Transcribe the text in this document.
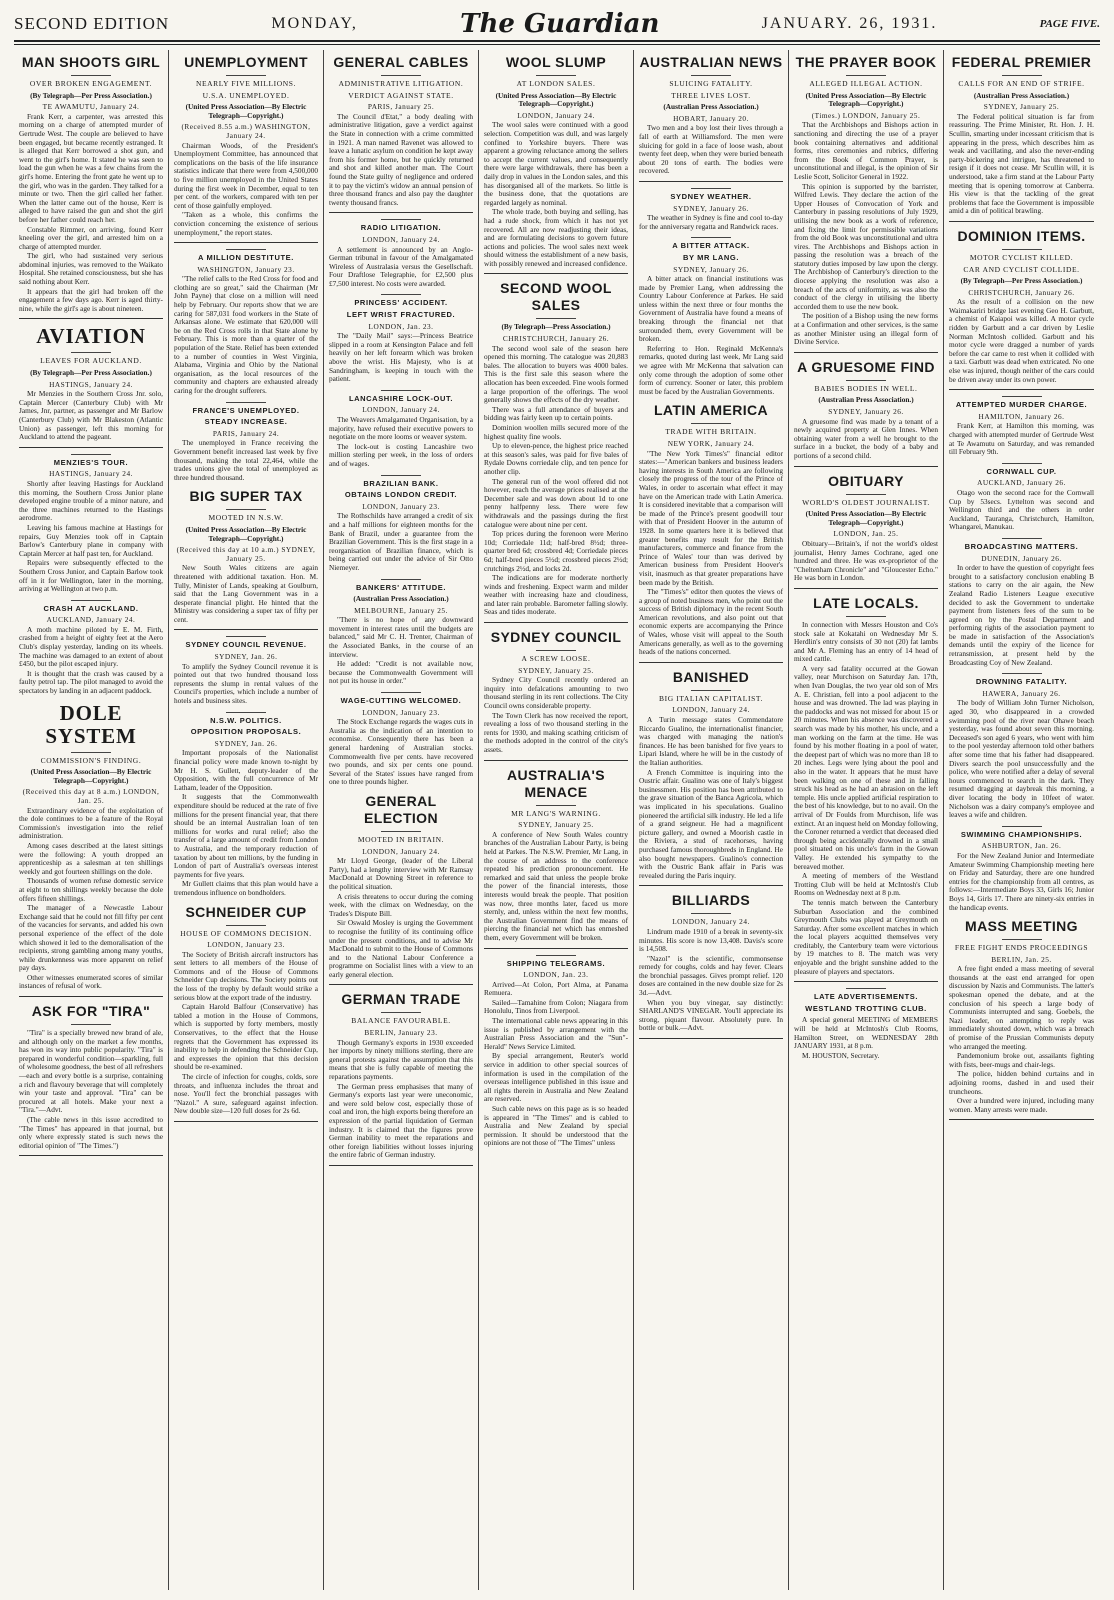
SECOND EDITION	MONDAY,	The Guardian	JANUARY. 26, 1931.	PAGE FIVE.
MAN SHOOTS GIRL
OVER BROKEN ENGAGEMENT.
(By Telegraph—Per Press Association.)
TE AWAMUTU, January 24.

Frank Kerr, a carpenter, was arrested this morning on a charge of attempted murder of Gertrude West. The couple are believed to have been engaged, but became recently estranged. It is alleged that Kerr borrowed a shot gun, and went to the girl's home. It stated he was seen to load the gun when he was a few chains from the girl's home. Entering the front gate he went up to the girl, who was in the garden. They talked for a minute or two. Then the girl called her father. When the latter came out of the house, Kerr is alleged to have raised the gun and shot the girl before her father could reach her.

Constable Rimmer, on arriving, found Kerr kneeling over the girl, and arrested him on a charge of attempted murder.

The girl, who had sustained very serious abdominal injuries, was removed to the Waikato Hospital. She retained consciousness, but she has said nothing about Kerr.

It appears that the girl had broken off the engagement a few days ago. Kerr is aged thirty-nine, while the girl's age is about nineteen.

AVIATION
LEAVES FOR AUCKLAND.
(By Telegraph—Per Press Association.)
HASTINGS, January 24.

Mr Menzies in the Southern Cross Jnr. solo, Captain Mercer (Canterbury Club) with Mr James, Jnr, partner, as passenger and Mr Barlow (Canterbury Club) with Mr Blakeston (Atlantic Union) as passenger, left this morning for Auckland to attend the pageant.

MENZIES'S TOUR.
HASTINGS, January 24.

Shortly after leaving Hastings for Auckland this morning, the Southern Cross Junior plane developed engine trouble of a minor nature, and the three machines returned to the Hastings aerodrome.

Leaving his famous machine at Hastings for repairs, Guy Menzies took off in Captain Barlow's Canterbury plane in company with Captain Mercer at half past ten, for Auckland.

Repairs were subsequently effected to the Southern Cross Junior, and Captain Barlow took off in it for Wellington, later in the morning, arriving at Wellington at two p.m.

CRASH AT AUCKLAND.
AUCKLAND, January 24.

A moth machine piloted by E. M. Firth, crashed from a height of eighty feet at the Aero Club's display yesterday, landing on its wheels. The machine was damaged to an extent of about £450, but the pilot escaped injury.

It is thought that the crash was caused by a faulty petrol tap. The pilot managed to avoid the spectators by landing in an adjacent paddock.

DOLE SYSTEM
COMMISSION'S FINDING.
(United Press Association—By Electric Telegraph—Copyright.)
(Received this day at 8 a.m.) LONDON, Jan. 25.

Extraordinary evidence of the exploitation of the dole continues to be a feature of the Royal Commission's investigation into the relief administration.

Among cases described at the latest sittings were the following: A youth dropped an apprenticeship as a salesman at ten shillings weekly and got fourteen shillings on the dole.

Thousands of women refuse domestic service at eight to ten shillings weekly because the dole offers fifteen shillings.

The manager of a Newcastle Labour Exchange said that he could not fill fifty per cent of the vacancies for servants, and added his own personal experience of the effect of the dole which showed it led to the demoralisation of the recipients, strong gambling among many youths, while drunkenness was more apparent on relief pay days.

Other witnesses enumerated scores of similar instances of refusal of work.

ASK FOR "TIRA"

"Tira" is a specially brewed new brand of ale, and although only on the market a few months, has won its way into public popularity. "Tira" is prepared in wonderful condition—sparkling, full of wholesome goodness, the best of all refreshers—each and every bottle is a surprise, containing a rich and flavoury beverage that will completely win your taste and approval. "Tira" can be procured at all hotels. Make your next a "Tira."—Advt.

(The cable news in this issue accredited to "The Times" has appeared in that journal, but only where expressly stated is such news the editorial opinion of "The Times.")

UNEMPLOYMENT
NEARLY FIVE MILLIONS.
U.S.A. UNEMPLOYED.
(United Press Association—By Electric Telegraph—Copyright.)
(Received 8.55 a.m.) WASHINGTON, January 24.

Chairman Woods, of the President's Unemployment Committee, has announced that complications on the basis of the life insurance statistics indicate that there were from 4,500,000 to five million unemployed in the United States during the first week in December, equal to ten per cent. of the workers, compared with ten per cent of those gainfully employed.

"Taken as a whole, this confirms the conviction concerning the existence of serious unemployment," the report states.

A MILLION DESTITUTE.
WASHINGTON, January 23.

"The relief calls to the Red Cross for food and clothing are so great," said the Chairman (Mr John Payne) that close on a million will need help by February. Our reports show that we are caring for 587,031 food workers in the State of Arkansas alone. We estimate that 620,000 will be on the Red Cross rolls in that State alone by February. This is more than a quarter of the population of the State. Relief has been extended to a number of counties in West Virginia, Alabama, Virginia and Ohio by the National organisation, as the local resources of the community and chapters are exhausted already caring for the drought sufferers.

FRANCE'S UNEMPLOYED.
STEADY INCREASE.
PARIS, January 24.

The unemployed in France receiving the Government benefit increased last week by five thousand, making the total 22,464, while the trades unions give the total of unemployed as three hundred thousand.

BIG SUPER TAX
MOOTED IN N.S.W.
(United Press Association—By Electric Telegraph—Copyright.)
(Received this day at 10 a.m.) SYDNEY, January 25.

New South Wales citizens are again threatened with additional taxation. Hon. M. Tully, Minister of Lands, speaking at Goulburn, said that the Lang Government was in a desperate financial plight. He hinted that the Ministry was considering a super tax of fifty per cent.

SYDNEY COUNCIL REVENUE.
SYDNEY, Jan. 26.

To amplify the Sydney Council revenue it is pointed out that two hundred thousand loss represents the slump in rental values of the Council's properties, which include a number of hotels and business sites.

N.S.W. POLITICS.
OPPOSITION PROPOSALS.
SYDNEY, Jan. 26.

Important proposals of the Nationalist financial policy were made known to-night by Mr H. S. Gullett, deputy-leader of the Opposition, with the full concurrence of Mr Latham, leader of the Opposition.

It suggests that the Commonwealth expenditure should be reduced at the rate of five millions for the present financial year, that there should be an internal Australian loan of ten millions for works and rural relief; also the transfer of a large amount of credit from London to Australia, and the temporary reduction of taxation by about ten millions, by the funding in London of part of Australia's overseas interest payments for five years.

Mr Gullett claims that this plan would have a tremendous influence on bondholders.

SCHNEIDER CUP
HOUSE OF COMMONS DECISION.
LONDON, January 23.

The Society of British aircraft instructors has sent letters to all members of the House of Commons and of the House of Commons Schneider Cup decisions. The Society points out the loss of the trophy by default would strike a serious blow at the export trade of the industry.

Captain Harold Balfour (Conservative) has tabled a motion in the House of Commons, which is supported by forty members, mostly Conservatives, to the effect that the House regrets that the Government has expressed its inability to help in defending the Schneider Cup, and expresses the opinion that this decision should be re-examined.

The circle of infection for coughs, colds, sore throats, and influenza includes the throat and nose. You'll fect the bronchial passages with "Nazol." A sure, safeguard against infection. New double size—120 full doses for 2s 6d.

GENERAL CABLES
ADMINISTRATIVE LITIGATION.
VERDICT AGAINST STATE.
PARIS, January 25.

The Council d'Etat," a body dealing with administrative litigation, gave a verdict against the State in connection with a crime committed in 1921. A man named Ravenet was allowed to leave a lunatic asylum on condition he kept away from his former home, but he quickly returned and shot and killed another man. The Court found the State guilty of negligence and ordered it to pay the victim's widow an annual pension of three thousand francs and also pay the daughter twenty thousand francs.

RADIO LITIGATION.
LONDON, January 24.

A settlement is announced by an Anglo-German tribunal in favour of the Amalgamated Wireless of Australasia versus the Gesellschaft. Four Draftlose Telegraphie, for £2,500 plus £7,500 interest. No costs were awarded.

PRINCESS' ACCIDENT.
LEFT WRIST FRACTURED.
LONDON, Jan. 23.

The "Daily Mail" says:—Princess Beatrice slipped in a room at Kensington Palace and fell heavily on her left forearm which was broken above the wrist. His Majesty, who is at Sandringham, is keeping in touch with the patient.

LANCASHIRE LOCK-OUT.
LONDON, January 24.

The Weavers Amalgamated Organisation, by a majority, have refused their executive powers to negotiate on the more looms or weaver system.

The lock-out is costing Lancashire two million sterling per week, in the loss of orders and of wages.

BRAZILIAN BANK.
OBTAINS LONDON CREDIT.
LONDON, January 23.

The Rothschilds have arranged a credit of six and a half millions for eighteen months for the Bank of Brazil, under a guarantee from the Brazilian Government. This is the first stage in a reorganisation of Brazilian finance, which is being carried out under the advice of Sir Otto Niemeyer.

BANKERS' ATTITUDE.
(Australian Press Association.)
MELBOURNE, January 25.

"There is no hope of any downward movement in interest rates until the budgets are balanced," said Mr C. H. Trenter, Chairman of the Associated Banks, in the course of an interview.

He added: "Credit is not available now, because the Commonwealth Government will not put its house in order."

WAGE-CUTTING WELCOMED.
LONDON, January 23.

The Stock Exchange regards the wages cuts in Australia as the indication of an intention to economise. Consequently there has been a general hardening of Australian stocks. Commonwealth five per cents. have recovered two pounds, and six per cents one pound. Several of the States' issues have ranged from one to three pounds higher.

GENERAL ELECTION
MOOTED IN BRITAIN.
LONDON, January 24.

Mr Lloyd George, (leader of the Liberal Party), had a lengthy interview with Mr Ramsay MacDonald at Downing Street in reference to the political situation.

A crisis threatens to occur during the coming week, with the climax on Wednesday, on the Trades's Dispute Bill.

Sir Oswald Mosley is urging the Government to recognise the futility of its continuing office under the present conditions, and to advise Mr MacDonald to submit to the House of Commons and to the National Labour Conference a programme on Socialist lines with a view to an early general election.

GERMAN TRADE
BALANCE FAVOURABLE.
BERLIN, January 23.

Though Germany's exports in 1930 exceeded her imports by ninety millions sterling, there are general protests against the assumption that this means that she is fully capable of meeting the reparations payments.

The German press emphasises that many of Germany's exports last year were uneconomic, and were sold below cost, especially those of coal and iron, the high exports being therefore an expression of the partial liquidation of German industry. It is claimed that the figures prove German inability to meet the reparations and other foreign liabilities without losses injuring the entire fabric of German industry.

WOOL SLUMP
AT LONDON SALES.
(United Press Association—By Electric Telegraph—Copyright.)
LONDON, January 24.

The wool sales were continued with a good selection. Competition was dull, and was largely confined to Yorkshire buyers. There was apparent a growing reluctance among the sellers to accept the current values, and consequently there were large withdrawals, there has been a daily drop in values in the London sales, and this has disorganised all of the markets. So little is the business done, that the quotations are regarded largely as nominal.

The whole trade, both buying and selling, has had a rude shock, from which it has not yet recovered. All are now readjusting their ideas, and are formulating decisions to govern future actions and policies. The wool sales next week should witness the establishment of a new basis, with possibly renewed and increased confidence.

SECOND WOOL SALES
(By Telegraph—Press Association.)
CHRISTCHURCH, January 26.

The second wool sale of the season here opened this morning. The catalogue was 20,883 bales. The allocation to buyers was 4000 bales. This is the first sale this season where the allocation has been exceeded. Fine wools formed a large proportion of the offerings. The wool generally shows the effects of the dry weather.

There was a full attendance of buyers and bidding was fairly keen up to certain points.

Dominion woollen mills secured more of the highest quality fine wools.

Up to eleven-pence, the highest price reached at this season's sales, was paid for five bales of Rydale Downs corriedale clip, and ten pence for another clip.

The general run of the wool offered did not however, reach the average prices realised at the December sale and was down about 1d to one penny halfpenny less. There were few withdrawals and the passings during the first catalogue were about nine per cent.

Top prices during the forenoon were Merino 10d; Corriedale 11d; half-bred 8½d; three-quarter bred 6d; crossbred 4d; Corriedale pieces 6d; half-bred pieces 5½d; crossbred pieces 2½d; crutchings 2½d, and locks 2d.

The indications are for moderate northerly winds and freshening. Expect warm and milder weather with increasing haze and cloudiness, and later rain probable. Barometer falling slowly. Seas and tides moderate.

SYDNEY COUNCIL
A SCREW LOOSE.
SYDNEY, January 25.

Sydney City Council recently ordered an inquiry into defalcations amounting to two thousand sterling in its rent collections. The City Council owns considerable property.

The Town Clerk has now received the report, revealing a loss of two thousand sterling in the rents for 1930, and making scathing criticism of the methods adopted in the control of the city's assets.

AUSTRALIA'S MENACE
MR LANG'S WARNING.
SYDNEY, January 25.

A conference of New South Wales country branches of the Australian Labour Party, is being held at Parkes. The N.S.W. Premier, Mr Lang, in the course of an address to the conference repeated his prediction pronouncement. He remarked and said that unless the people broke the power of the financial interests, those interests would break the people. That position was now, three months later, faced us more sternly, and, unless within the next few months, the Australian Government find the means of piercing the financial net which has enmeshed them, every Government will be broken.

SHIPPING TELEGRAMS.
LONDON, Jan. 23.

Arrived—At Colon, Port Alma, at Panama Remuera.

Sailed—Tamahine from Colon; Niagara from Honolulu, Tinos from Liverpool.

The international cable news appearing in this issue is published by arrangement with the Australian Press Association and the "Sun"-Herald" News Service Limited.

By special arrangement, Reuter's world service in addition to other special sources of information is used in the compilation of the overseas intelligence published in this issue and all rights therein in Australia and New Zealand are reserved.

Such cable news on this page as is so headed is appeared in "The Times" and is cabled to Australia and New Zealand by special permission. It should be understood that the opinions are not those of "The Times" unless

AUSTRALIAN NEWS
SLUICING FATALITY.
THREE LIVES LOST.
(Australian Press Association.)
HOBART, January 20.

Two men and a boy lost their lives through a fall of earth at Williamsford. The men were sluicing for gold in a face of loose wash, about twenty feet deep, when they were buried beneath about 20 tons of earth. The bodies were recovered.

SYDNEY WEATHER.
SYDNEY, January 26.

The weather in Sydney is fine and cool to-day for the anniversary regatta and Randwick races.

A BITTER ATTACK.
BY MR LANG.
SYDNEY, January 26.

A bitter attack on financial institutions was made by Premier Lang, when addressing the Country Labour Conference at Parkes. He said unless within the next three or four months the Government of Australia have found a means of breaking through the financial net that surrounded them, every Government will be broken.

Referring to Hon. Reginald McKenna's remarks, quoted during last week, Mr Lang said we agree with Mr McKenna that salvation can only come through the adoption of some other form of currency. Sooner or later, this problem must be faced by the Australian Governments.

LATIN AMERICA
TRADE WITH BRITAIN.
NEW YORK, January 24.

"The New York Times's" financial editor states:—"American bankers and business leaders having interests in South America are following closely the progress of the tour of the Prince of Wales, in order to ascertain what effect it may have on the American trade with Latin America. It is considered inevitable that a comparison will be made of the Prince's present goodwill tour with that of President Hoover in the autumn of 1928. In some quarters here it is believed that greater benefits may result for the British manufacturers, commerce and finance from the Prince of Wales' tour than was derived by American business from President Hoover's visit, inasmuch as that greater preparations have been made by the British.

The "Times's" editor then quotes the views of a group of noted business men, who point out the success of British diplomacy in the recent South American revolutions, and also point out that economic experts are accompanying the Prince of Wales, whose visit will appeal to the South Americans generally, as well as to the governing heads of the nations concerned.

BANISHED
BIG ITALIAN CAPITALIST.
LONDON, January 24.

A Turin message states Commendatore Riccardo Gualino, the internationalist financier, was charged with managing the nation's finances. He has been banished for five years to Lipari Island, where he will be in the custody of the Italian authorities.

A French Committee is inquiring into the Oustric affair. Gualino was one of Italy's biggest businessmen. His position has been attributed to the grave situation of the Banca Agricola, which was implicated in his speculations. Gualino pioneered the artificial silk industry. He led a life of a grand seigneur. He had a magnificent picture gallery, and owned a Moorish castle in the Riviera, a stud of racehorses, having purchased famous thoroughbreds in England. He also bought newspapers. Gualino's connection with the Oustric Bank affair in Paris was revealed during the Paris inquiry.

BILLIARDS
LONDON, January 24.

Lindrum made 1910 of a break in seventy-six minutes. His score is now 13,408. Davis's score is 14,508.

"Nazol" is the scientific, commonsense remedy for coughs, colds and hay fever. Clears the bronchial passages. Gives prompt relief. 120 doses are contained in the new double size for 2s 3d.—Advt.

When you buy vinegar, say distinctly: SHARLAND'S VINEGAR. You'll appreciate its strong, piquant flavour. Absolutely pure. In bottle or bulk.—Advt.

THE PRAYER BOOK
ALLEGED ILLEGAL ACTION.
(United Press Association—By Electric Telegraph—Copyright.)
(Times.) LONDON, January 25.

That the Archbishops and Bishops action in sanctioning and directing the use of a prayer book containing alternatives and additional forms, rites ceremonies and rubrics, differing from the Book of Common Prayer, is unconstitutional and illegal, is the opinion of Sir Leslie Scott, Solicitor General in 1922.

This opinion is supported by the barrister, Wilfred Lewis. They declare the action of the Upper Houses of Convocation of York and Canterbury in passing resolutions of July 1929, utilising the new book as a work of reference, and fixing the limit for permissible variations from the old Book was unconstitutional and ultra vires. The Archbishops and Bishops action in passing the resolution was a breach of the statutory duties imposed by law upon the clergy. The Archbishop of Canterbury's direction to the diocese applying the resolution was also a breach of the acts of uniformity, as was also the conduct of the clergy in utilising the liberty accorded them to use the new book.

The position of a Bishop using the new forms at a Confirmation and other services, is the same as another Minister using an illegal form of Divine Service.

A GRUESOME FIND
BABIES BODIES IN WELL.
(Australian Press Association.)
SYDNEY, January 26.

A gruesome find was made by a tenant of a newly acquired property at Glen Innes. When obtaining water from a well he brought to the surface in a bucket, the body of a baby and portions of a second child.

OBITUARY
WORLD'S OLDEST JOURNALIST.
(United Press Association—By Electric Telegraph—Copyright.)
LONDON, Jan. 25.

Obituary—Britain's, if not the world's oldest journalist, Henry James Cochrane, aged one hundred and three. He was ex-proprietor of the "Cheltenham Chronicle" and "Gloucester Echo." He was born in London.

LATE LOCALS.

In connection with Messrs Houston and Co's stock sale at Kokatahi on Wednesday Mr S. Herdlin's entry consists of 30 not (20) fat lambs and Mr A. Fleming has an entry of 14 head of mixed cattle.

A very sad fatality occurred at the Gowan valley, near Murchison on Saturday Jan. 17th, when Ivan Douglas, the two year old son of Mrs A. E. Christian, fell into a pool adjacent to the house and was drowned. The lad was playing in the paddocks and was not missed for about 15 or 20 minutes. When his absence was discovered a search was made by his mother, his uncle, and a man working on the farm at the time. He was found by his mother floating in a pool of water, the deepest part of which was no more than 18 to 20 inches. Legs were lying about the pool and also in the water. It appears that he must have been walking on one of these and in falling struck his head as he had an abrasion on the left temple. His uncle applied artificial respiration to the best of his knowledge, but to no avail. On the arrival of Dr Foulds from Murchison, life was extinct. At an inquest held on Monday following, the Coroner returned a verdict that deceased died through being accidentally drowned in a small pool situated on his uncle's farm in the Gowan Valley. He extended his sympathy to the bereaved mother.

A meeting of members of the Westland Trotting Club will be held at McIntosh's Club Rooms on Wednesday next at 8 p.m.

The tennis match between the Canterbury Suburban Association and the combined Greymouth Clubs was played at Greymouth on Saturday. After some excellent matches in which the local players acquitted themselves very creditably, the Canterbury team were victorious by 19 matches to 8. The match was very enjoyable and the bright sunshine added to the pleasure of players and spectators.

LATE ADVERTISEMENTS.
WESTLAND TROTTING CLUB.

A special general MEETING of MEMBERS will be held at McIntosh's Club Rooms, Hamilton Street, on WEDNESDAY 28th JANUARY 1931, at 8 p.m.

M. HOUSTON, Secretary.

FEDERAL PREMIER
CALLS FOR AN END OF STRIFE.
(Australian Press Association.)
SYDNEY, January 25.

The Federal political situation is far from reassuring. The Prime Minister, Rt. Hon. J. H. Scullin, smarting under incessant criticism that is appearing in the press, which describes him as weak and vacillating, and also the never-ending party-bickering and intrigue, has threatened to resign if it does not cease. Mr Scullin will, it is understood, take a firm stand at the Labour Party meeting that is opening tomorrow at Canberra. His view is that the tackling of the great problems that face the Government is impossible amid a din of political brawling.

DOMINION ITEMS.
MOTOR CYCLIST KILLED.
CAR AND CYCLIST COLLIDE.
(By Telegraph—Per Press Association.)
CHRISTCHURCH, January 26.

As the result of a collision on the new Waimakariri bridge last evening Geo H. Garbutt, a chemist of Kaiapoi was killed. A motor cycle ridden by Garbutt and a car driven by Leslie Norman McIntosh collided. Garbutt and his motor cycle were dragged a number of yards before the car came to rest when it collided with a taxi. Garbutt was dead when extricated. No one else was injured, though neither of the cars could be driven away under its own power.

ATTEMPTED MURDER CHARGE.
HAMILTON, January 26.

Frank Kerr, at Hamilton this morning, was charged with attempted murder of Gertrude West at Te Awamutu on Saturday, and was remanded till February 9th.

CORNWALL CUP.
AUCKLAND, January 26.

Otago won the second race for the Cornwall Cup by 53secs. Lyttelton was second and Wellington third and the others in order Auckland, Tauranga, Christchurch, Hamilton, Whangarei, Manukau.

BROADCASTING MATTERS.
DUNEDIN, January 26.

In order to have the question of copyright fees brought to a satisfactory conclusion enabling B stations to carry on the air again, the New Zealand Radio Listeners League executive decided to ask the Government to undertake payment from listeners fees of the sum to be agreed on by the Postal Department and performing rights of the association payment to be made in satisfaction of the Association's demands until the expiry of the licence for retransmission, at present held by the Broadcasting Coy of New Zealand.

DROWNING FATALITY.
HAWERA, January 26.

The body of William John Turner Nicholson, aged 30, who disappeared in a crowded swimming pool of the river near Ohawe beach yesterday, was found about seven this morning. Deceased's son aged 6 years, who went with him to the pool yesterday afternoon told other bathers after some time that his father had disappeared. Divers search the pool unsuccessfully and the police, who were notified after a delay of several hours commenced to search in the dark. They resumed dragging at daybreak this morning, a diver locating the body in 10feet of water. Nicholson was a dairy company's employee and leaves a wife and children.

SWIMMING CHAMPIONSHIPS.
ASHBURTON, Jan. 26.

For the New Zealand Junior and Intermediate Amateur Swimming Championship meeting here on Friday and Saturday, there are one hundred entries for the championship from all centres, as follows:—Intermediate Boys 33, Girls 16; Junior Boys 14, Girls 17. There are ninety-six entries in the handicap events.

MASS MEETING
FREE FIGHT ENDS PROCEEDINGS
BERLIN, Jan. 25.

A free fight ended a mass meeting of several thousands at the east end arranged for open discussion by Nazis and Communists. The latter's spokesman opened the debate, and at the conclusion of his speech a large body of Communists interrupted and sang. Goebels, the Nazi leader, on attempting to reply was immediately shouted down, which was a breach of promise of the Prussian Communists deputy who arranged the meeting.

Pandemonium broke out, assailants fighting with fists, beer-mugs and chair-legs.

The police, hidden behind curtains and in adjoining rooms, dashed in and used their truncheons.

Over a hundred were injured, including many women. Many arrests were made.
